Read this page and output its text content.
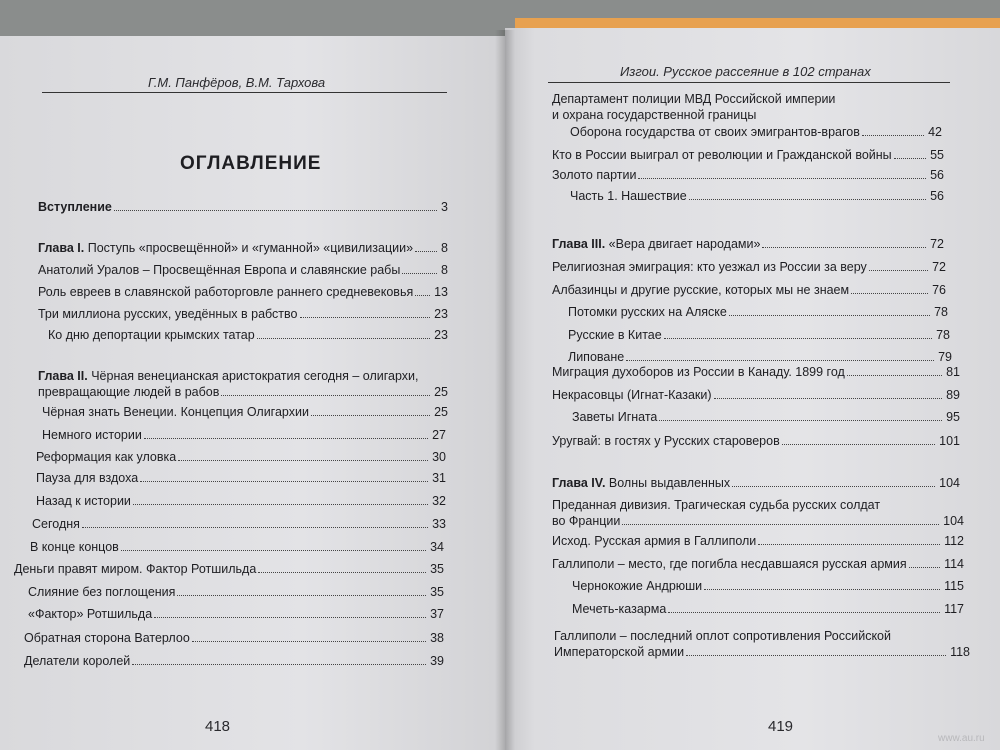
Г.М. Панфёров, В.М. Тархова
ОГЛАВЛЕНИЕ
Вступление	3
Глава I. Поступь «просвещённой» и «гуманной» «цивилизации» 8
Анатолий Уралов – Просвещённая Европа и славянские рабы	8
Роль евреев в славянской работорговле раннего средневековья 13
Три миллиона русских, уведённых в рабство	23
Ко дню депортации крымских татар	23
Глава II. Чёрная венецианская аристократия сегодня – олигархи,
превращающие людей в рабов	25
Чёрная знать Венеции. Концепция Олигархии	25
Немного истории	27
Реформация как уловка	30
Пауза для вздоха	31
Назад к истории	32
Сегодня	33
В конце концов	34
Деньги правят миром. Фактор Ротшильда	35
Слияние без поглощения	35
«Фактор» Ротшильда	37
Обратная сторона Ватерлоо	38
Делатели королей	39
418
Изгои. Русское рассеяние в 102 странах
Департамент полиции МВД Российской империи
и охрана государственной границы
Оборона государства от своих эмигрантов-врагов	42
Кто в России выиграл от революции и Гражданской войны	55
Золото партии	56
Часть 1. Нашествие	56
Глава III. «Вера двигает народами»	72
Религиозная эмиграция: кто уезжал из России за веру	72
Албазинцы и другие русские, которых мы не знаем	76
Потомки русских на Аляске	78
Русские в Китае	78
Липоване	79
Миграция духоборов из России в Канаду. 1899 год	81
Некрасовцы (Игнат-Казаки)	89
Заветы Игната	95
Уругвай: в гостях у Русских староверов	101
Глава IV. Волны выдавленных	104
Преданная дивизия. Трагическая судьба русских солдат
во Франции	104
Исход. Русская армия в Галлиполи	112
Галлиполи – место, где погибла несдавшаяся русская армия	114
Чернокожие Андрюши	115
Мечеть-казарма	117
Галлиполи – последний оплот сопротивления Российской
Императорской армии	118
419
www.au.ru
